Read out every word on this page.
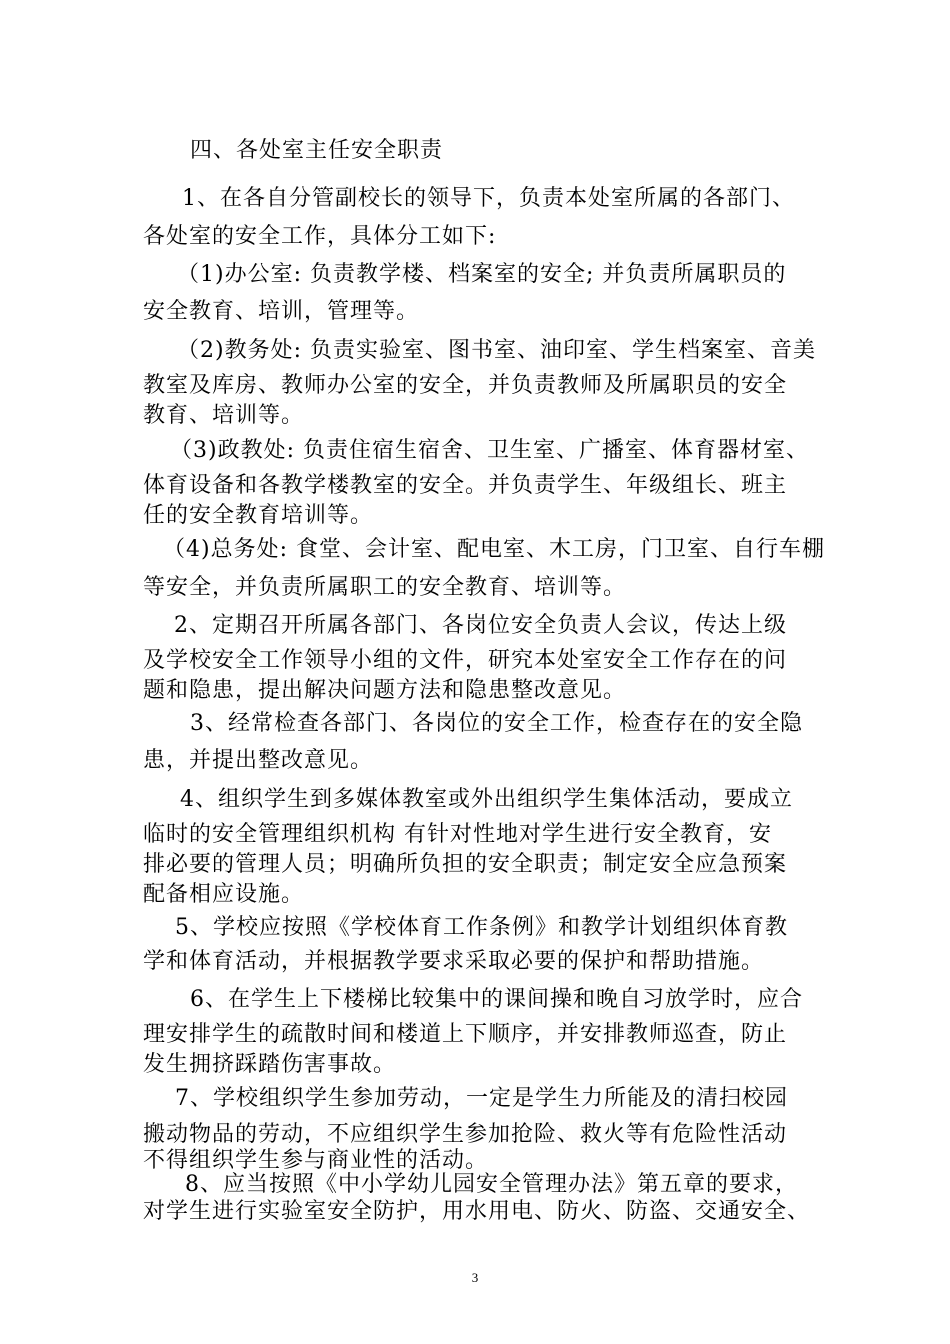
四、各处室主任安全职责
1、在各自分管副校长的领导下，负责本处室所属的各部门、
各处室的安全工作，具体分工如下:
（1)办公室: 负责教学楼、档案室的安全; 并负责所属职员的
安全教育、培训，管理等。
（2)教务处: 负责实验室、图书室、油印室、学生档案室、音美
教室及库房、教师办公室的安全，并负责教师及所属职员的安全
教育、培训等。
（3)政教处: 负责住宿生宿舍、卫生室、广播室、体育器材室、
体育设备和各教学楼教室的安全。并负责学生、年级组长、班主
任的安全教育培训等。
（4)总务处: 食堂、会计室、配电室、木工房，门卫室、自行车棚
等安全，并负责所属职工的安全教育、培训等。
2、定期召开所属各部门、各岗位安全负责人会议，传达上级
及学校安全工作领导小组的文件，研究本处室安全工作存在的问
题和隐患，提出解决问题方法和隐患整改意见。
3、经常检查各部门、各岗位的安全工作，检查存在的安全隐
患，并提出整改意见。
4、组织学生到多媒体教室或外出组织学生集体活动，要成立
临时的安全管理组织机构 有针对性地对学生进行安全教育，安
排必要的管理人员；明确所负担的安全职责；制定安全应急预案
配备相应设施。
5、学校应按照《学校体育工作条例》和教学计划组织体育教
学和体育活动，并根据教学要求采取必要的保护和帮助措施。
6、在学生上下楼梯比较集中的课间操和晚自习放学时，应合
理安排学生的疏散时间和楼道上下顺序，并安排教师巡查，防止
发生拥挤踩踏伤害事故。
7、学校组织学生参加劳动，一定是学生力所能及的清扫校园
搬动物品的劳动，不应组织学生参加抢险、救火等有危险性活动
不得组织学生参与商业性的活动。
8、应当按照《中小学幼儿园安全管理办法》第五章的要求，
对学生进行实验室安全防护，用水用电、防火、防盗、交通安全、
3
